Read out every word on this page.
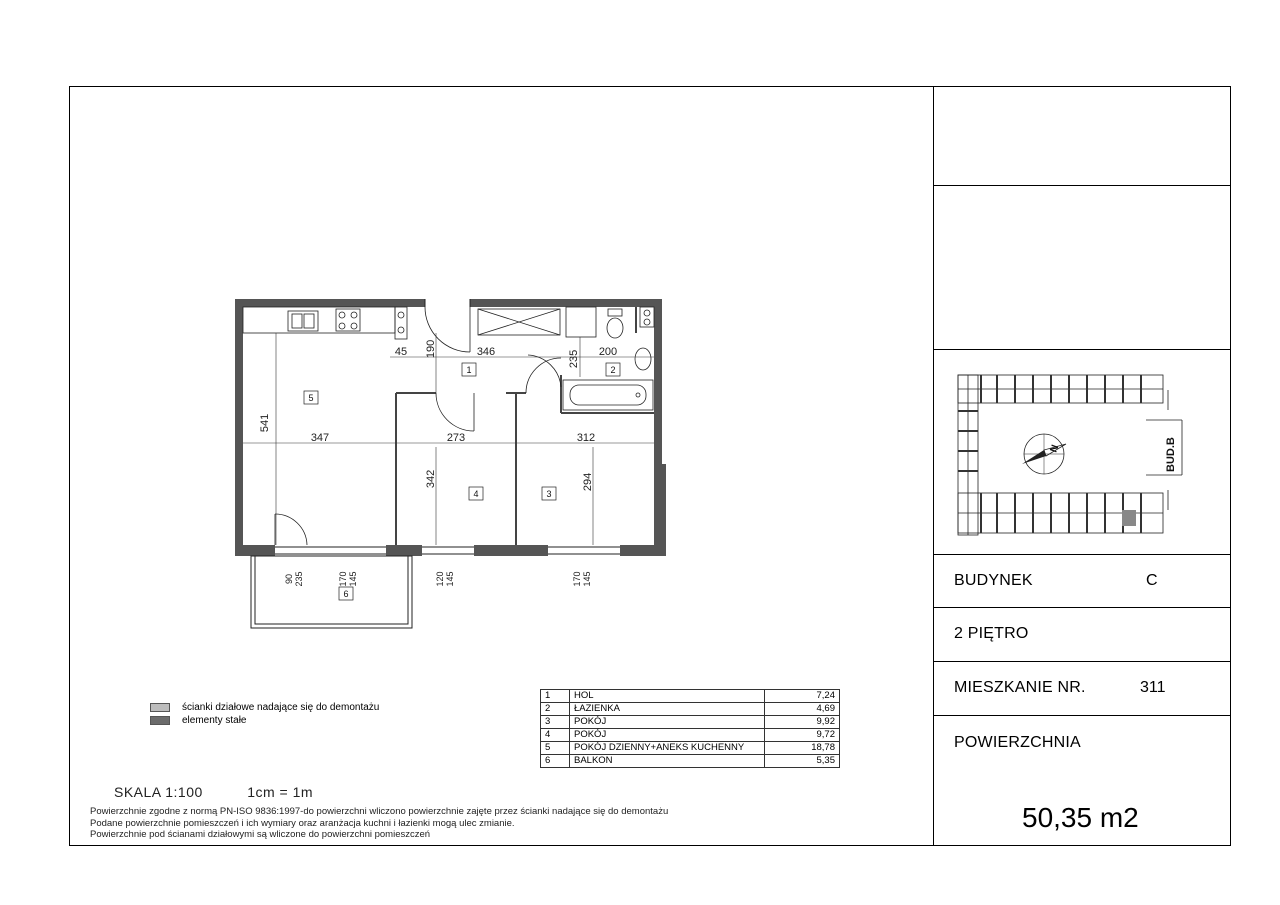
5
1	2
4	3
6
347	273	312
346	200
45
541
190
235
342	294
90 235	170 145	120 145	170 145
ścianki działowe nadające się do demontażu
elementy stałe
1	HOL	7,24
2	ŁAZIENKA	4,69
3	POKÓJ	9,92
4	POKÓJ	9,72
5	POKÓJ DZIENNY+ANEKS KUCHENNY	18,78
6	BALKON	5,35
SKALA 1:100	1cm = 1m
Powierzchnie zgodne z normą PN-ISO 9836:1997-do powierzchni wliczono powierzchnie zajęte przez ścianki nadające się do demontażu
Podane powierzchnie pomieszczeń i ich wymiary oraz aranżacja kuchni i łazienki mogą ulec zmianie.
Powierzchnie pod ścianami działowymi są wliczone do powierzchni pomieszczeń
N	BUD.B
BUDYNEK	C
2 PIĘTRO
MIESZKANIE NR.	311
POWIERZCHNIA
50,35 m2
